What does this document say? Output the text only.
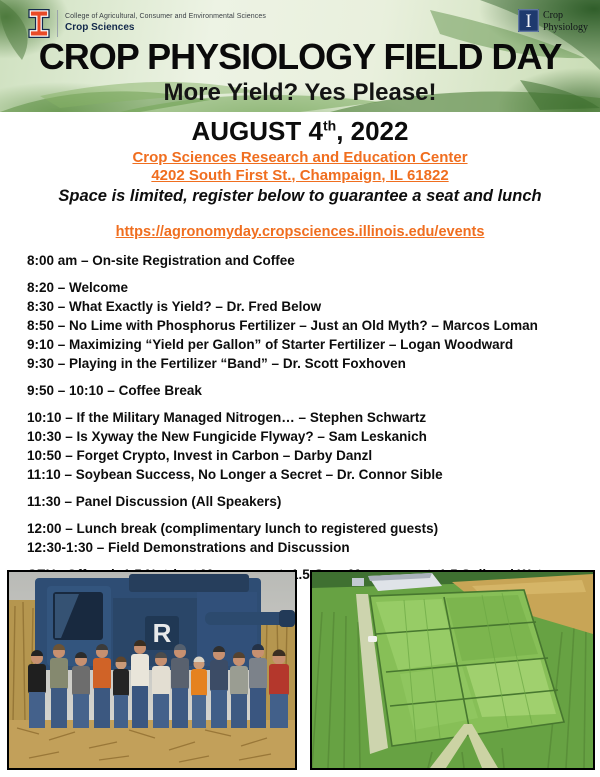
College of Agricultural, Consumer and Environmental Sciences
Crop Sciences	I Crop
Physiology
CROP PHYSIOLOGY FIELD DAY
More Yield? Yes Please!

AUGUST 4th, 2022

Crop Sciences Research and Education Center
4202 South First St., Champaign, IL 61822

Space is limited, register below to guarantee a seat and lunch

https://agronomyday.cropsciences.illinois.edu/events

8:00 am – On-site Registration and Coffee

8:20 – Welcome

8:30 – What Exactly is Yield? – Dr. Fred Below

8:50 – No Lime with Phosphorus Fertilizer – Just an Old Myth? – Marcos Loman

9:10 – Maximizing “Yield per Gallon” of Starter Fertilizer – Logan Woodward

9:30 – Playing in the Fertilizer “Band” – Dr. Scott Foxhoven

9:50 – 10:10 – Coffee Break

10:10 – If the Military Managed Nitrogen… – Stephen Schwartz

10:30 – Is Xyway the New Fungicide Flyway? – Sam Leskanich

10:50 – Forget Crypto, Invest in Carbon – Darby Danzl

11:10 – Soybean Success, No Longer a Secret – Dr. Connor Sible

11:30 – Panel Discussion (All Speakers)

12:00 – Lunch break (complimentary lunch to registered guests)

12:30-1:30 – Field Demonstrations and Discussion

1.5

R
